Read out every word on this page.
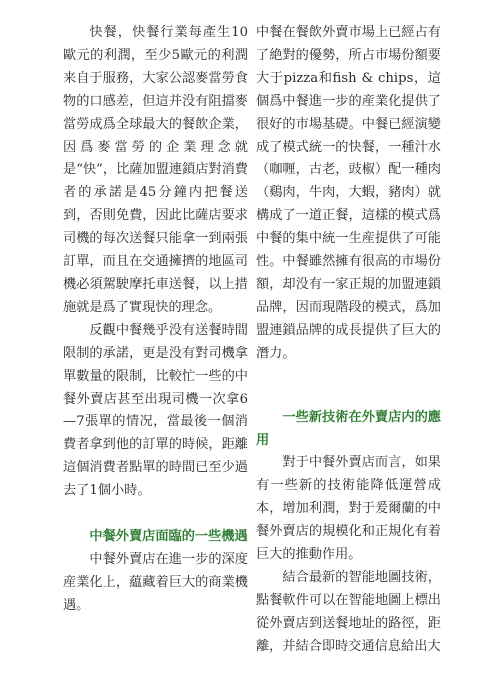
快餐，快餐行業每產生10歐元的利潤，至少5歐元的利潤来自于服務，大家公認麥當勞食物的口感差，但這并没有阻擋麥當勞成爲全球最大的餐飲企業，因爲麥當勞的企業理念就是“快”，比薩加盟連鎖店對消費者的承諾是45分鐘内把餐送到，否則免費，因此比薩店要求司機的每次送餐只能拿一到兩張訂單，而且在交通擁擠的地區司機必須駕駛摩托車送餐，以上措施就是爲了實現快的理念。

反觀中餐幾乎没有送餐時間限制的承諾，更是没有對司機拿單數量的限制，比較忙一些的中餐外賣店甚至出現司機一次拿6—7張單的情况，當最後一個消費者拿到他的訂單的時候，距離這個消費者點單的時間已至少過去了1個小時。

中餐外賣店面臨的一些機遇

中餐外賣店在進一步的深度産業化上，藴藏着巨大的商業機遇。

中餐在餐飲外賣市場上已經占有了絶對的優勢，所占市場份額要大于pizza和fish & chips，這個爲中餐進一步的産業化提供了很好的市場基礎。中餐已經演變成了模式統一的快餐，一種汁水（咖喱，古老，豉椒）配一種肉（鷄肉，牛肉，大蝦，豬肉）就構成了一道正餐，這樣的模式爲中餐的集中統一生産提供了可能性。中餐雖然擁有很高的市場份額，却没有一家正規的加盟連鎖品牌，因而現階段的模式，爲加盟連鎖品牌的成長提供了巨大的潛力。

一些新技術在外賣店内的應用

對于中餐外賣店而言，如果有一些新的技術能降低運營成本，增加利潤，對于爰爾蘭的中餐外賣店的規模化和正規化有着巨大的推動作用。

結合最新的智能地圖技術，點餐軟件可以在智能地圖上標出從外賣店到送餐地址的路徑，距離，并結合即時交通信息給出大
